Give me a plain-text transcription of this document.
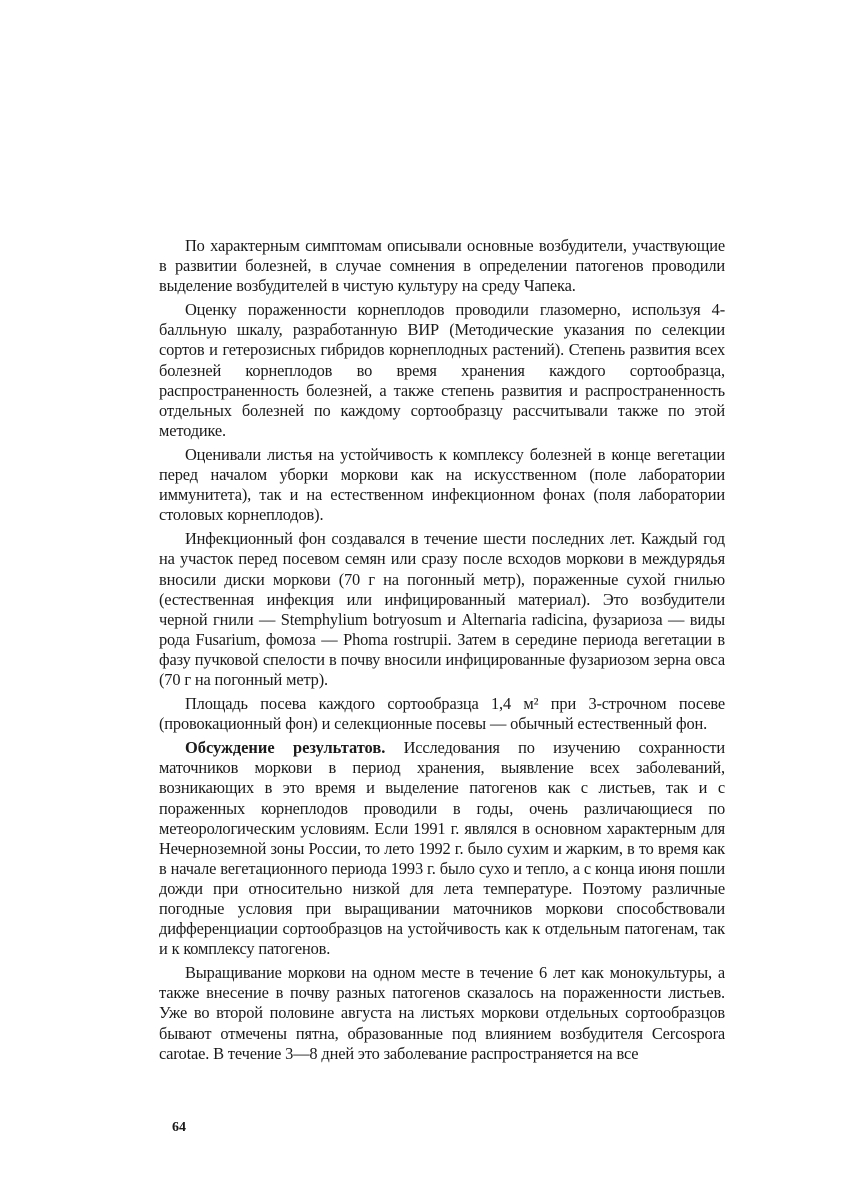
По характерным симптомам описывали основные возбудители, участвующие в развитии болезней, в случае сомнения в определении патогенов проводили выделение возбудителей в чистую культуру на среду Чапека.

Оценку пораженности корнеплодов проводили глазомерно, используя 4-балльную шкалу, разработанную ВИР (Методические указания по селекции сортов и гетерозисных гибридов корнеплодных растений). Степень развития всех болезней корнеплодов во время хранения каждого сортообразца, распространенность болезней, а также степень развития и распространенность отдельных болезней по каждому сортообразцу рассчитывали также по этой методике.

Оценивали листья на устойчивость к комплексу болезней в конце вегетации перед началом уборки моркови как на искусственном (поле лаборатории иммунитета), так и на естественном инфекционном фонах (поля лаборатории столовых корнеплодов).

Инфекционный фон создавался в течение шести последних лет. Каждый год на участок перед посевом семян или сразу после всходов моркови в междурядья вносили диски моркови (70 г на погонный метр), пораженные сухой гнилью (естественная инфекция или инфицированный материал). Это возбудители черной гнили — Stemphylium botryosum и Alternaria radicina, фузариоза — виды рода Fusarium, фомоза — Phoma rostrupii. Затем в середине периода вегетации в фазу пучковой спелости в почву вносили инфицированные фузариозом зерна овса (70 г на погонный метр).

Площадь посева каждого сортообразца 1,4 м² при 3-строчном посеве (провокационный фон) и селекционные посевы — обычный естественный фон.

Обсуждение результатов. Исследования по изучению сохранности маточников моркови в период хранения, выявление всех заболеваний, возникающих в это время и выделение патогенов как с листьев, так и с пораженных корнеплодов проводили в годы, очень различающиеся по метеорологическим условиям. Если 1991 г. являлся в основном характерным для Нечерноземной зоны России, то лето 1992 г. было сухим и жарким, в то время как в начале вегетационного периода 1993 г. было сухо и тепло, а с конца июня пошли дожди при относительно низкой для лета температуре. Поэтому различные погодные условия при выращивании маточников моркови способствовали дифференциации сортообразцов на устойчивость как к отдельным патогенам, так и к комплексу патогенов.

Выращивание моркови на одном месте в течение 6 лет как монокультуры, а также внесение в почву разных патогенов сказалось на пораженности листьев. Уже во второй половине августа на листьях моркови отдельных сортообразцов бывают отмечены пятна, образованные под влиянием возбудителя Cercospora carotae. В течение 3—8 дней это заболевание распространяется на все

64
